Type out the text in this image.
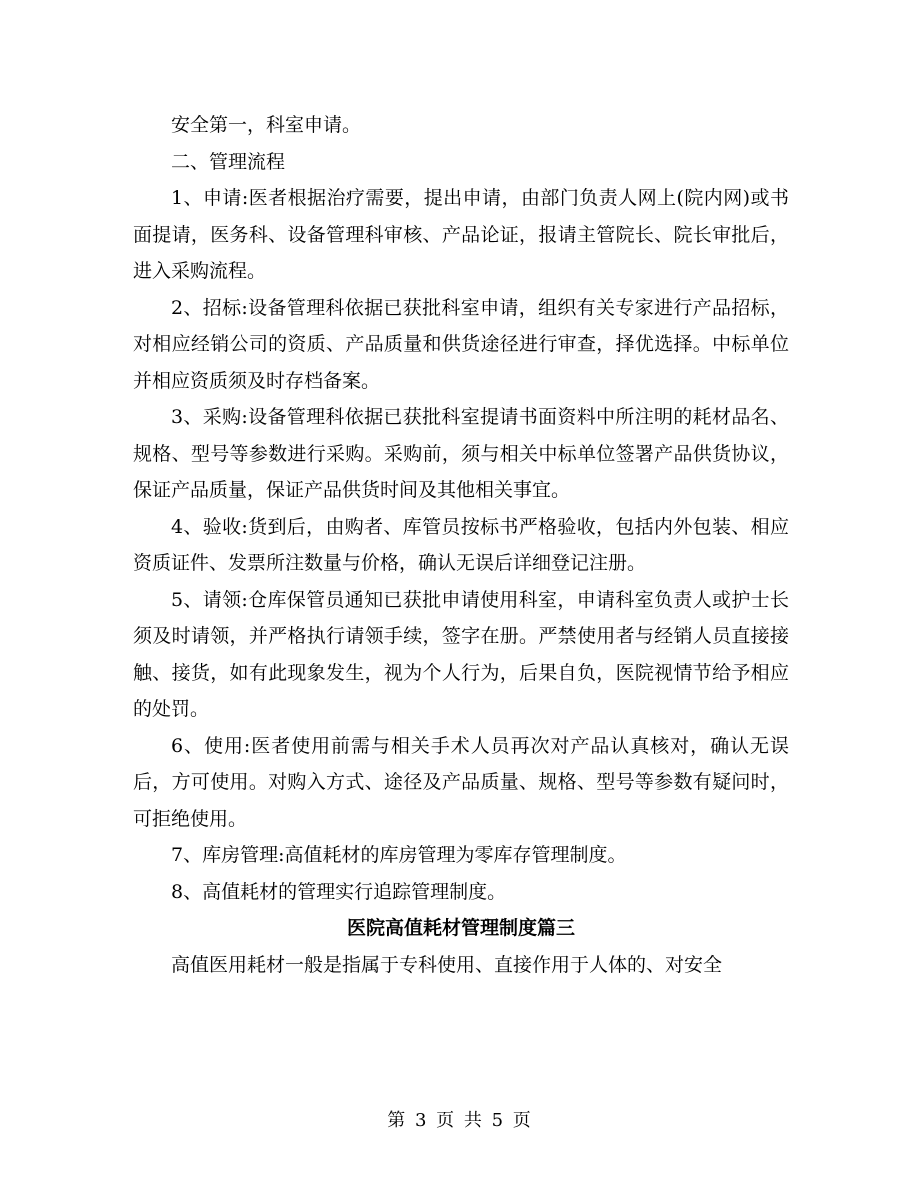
安全第一，科室申请。

二、管理流程

1、申请:医者根据治疗需要，提出申请，由部门负责人网上(院内网)或书面提请，医务科、设备管理科审核、产品论证，报请主管院长、院长审批后，进入采购流程。

2、招标:设备管理科依据已获批科室申请，组织有关专家进行产品招标，对相应经销公司的资质、产品质量和供货途径进行审查，择优选择。中标单位并相应资质须及时存档备案。

3、采购:设备管理科依据已获批科室提请书面资料中所注明的耗材品名、规格、型号等参数进行采购。采购前，须与相关中标单位签署产品供货协议，保证产品质量，保证产品供货时间及其他相关事宜。

4、验收:货到后，由购者、库管员按标书严格验收，包括内外包装、相应资质证件、发票所注数量与价格，确认无误后详细登记注册。

5、请领:仓库保管员通知已获批申请使用科室，申请科室负责人或护士长须及时请领，并严格执行请领手续，签字在册。严禁使用者与经销人员直接接触、接货，如有此现象发生，视为个人行为，后果自负，医院视情节给予相应的处罚。

6、使用:医者使用前需与相关手术人员再次对产品认真核对，确认无误后，方可使用。对购入方式、途径及产品质量、规格、型号等参数有疑问时，可拒绝使用。

7、库房管理:高值耗材的库房管理为零库存管理制度。

8、高值耗材的管理实行追踪管理制度。

医院高值耗材管理制度篇三

高值医用耗材一般是指属于专科使用、直接作用于人体的、对安全

第 3 页 共 5 页
